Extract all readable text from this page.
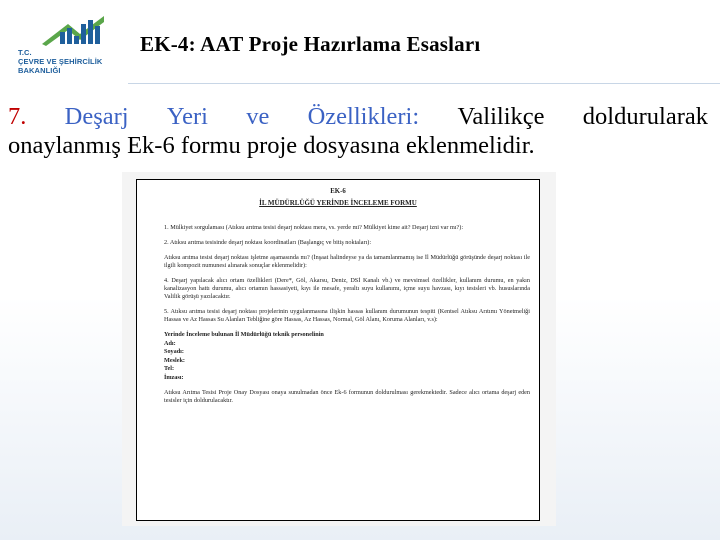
T.C.
ÇEVRE VE ŞEHİRCİLİK
BAKANLIĞI
EK-4: AAT Proje Hazırlama Esasları
7. Deşarj Yeri ve Özellikleri: Valilikçe doldurularak
onaylanmış Ek-6 formu proje dosyasına eklenmelidir.
EK-6
İL MÜDÜRLÜĞÜ YERİNDE İNCELEME FORMU

1. Mülkiyet sorgulaması (Atıksu arıtma tesisi deşarj noktası mera, vs. yerde mi? Mülkiyet kime ait? Deşarj izni var mı?):

2. Atıksu arıtma tesisinde deşarj noktası koordinatları (Başlangıç ve bitiş noktaları):

Atıksu arıtma tesisi deşarj noktası işletme aşamasında mı? (İnşaat halindeyse ya da tamamlanmamış ise İl Müdürlüğü görüşünde deşarj noktası ile ilgili kompozit numunesi alınarak sonuçlar eklenmelidir):

4. Deşarj yapılacak alıcı ortam özellikleri (Dere*, Göl, Akarsu, Deniz, DSİ Kanalı vb.) ve mevsimsel özellikler, kullanım durumu, en yakın kanalizasyon hattı durumu, alıcı ortamın hassasiyeti, kıyı ile mesafe, yeraltı suyu kullanımı, içme suyu havzası, kıyı tesisleri vb. hususlarında Valilik görüşü yazılacaktır.

5. Atıksu arıtma tesisi deşarj noktası projelerinin uygulanmasına ilişkin hassas kullanım durumunun tespiti (Kentsel Atıksu Arıtımı Yönetmeliği Hassas ve Az Hassas Su Alanları Tebliğine göre Hassas, Az Hassas, Normal, Göl Alanı, Koruma Alanları, v.s):

Yerinde İnceleme bulunan İl Müdürlüğü teknik personelinin
Adı:
Soyadı:
Meslek:
Tel:
İmzası:

Atıksu Arıtma Tesisi Proje Onay Dosyası onaya sunulmadan önce Ek-6 formunun doldurulması gerekmektedir. Sadece alıcı ortama deşarj eden tesisler için doldurulacaktır.
